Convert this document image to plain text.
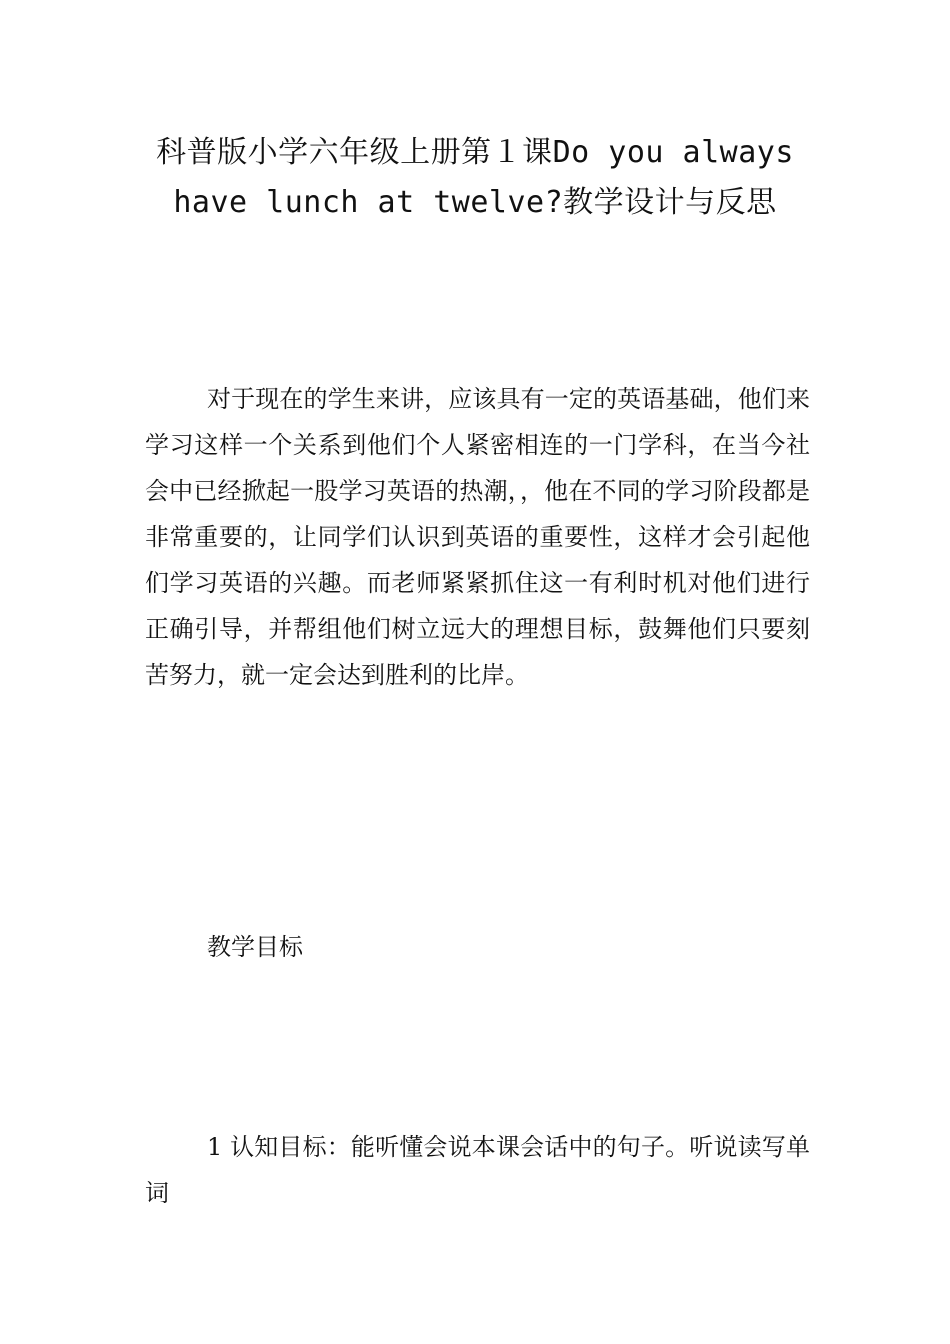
科普版小学六年级上册第１课Do you always have lunch at twelve?教学设计与反思

对于现在的学生来讲，应该具有一定的英语基础，他们来学习这样一个关系到他们个人紧密相连的一门学科，在当今社会中已经掀起一股学习英语的热潮，，他在不同的学习阶段都是非常重要的，让同学们认识到英语的重要性，这样才会引起他们学习英语的兴趣。而老师紧紧抓住这一有利时机对他们进行正确引导，并帮组他们树立远大的理想目标，鼓舞他们只要刻苦努力，就一定会达到胜利的比岸。

教学目标

1 认知目标：能听懂会说本课会话中的句子。听说读写单词
